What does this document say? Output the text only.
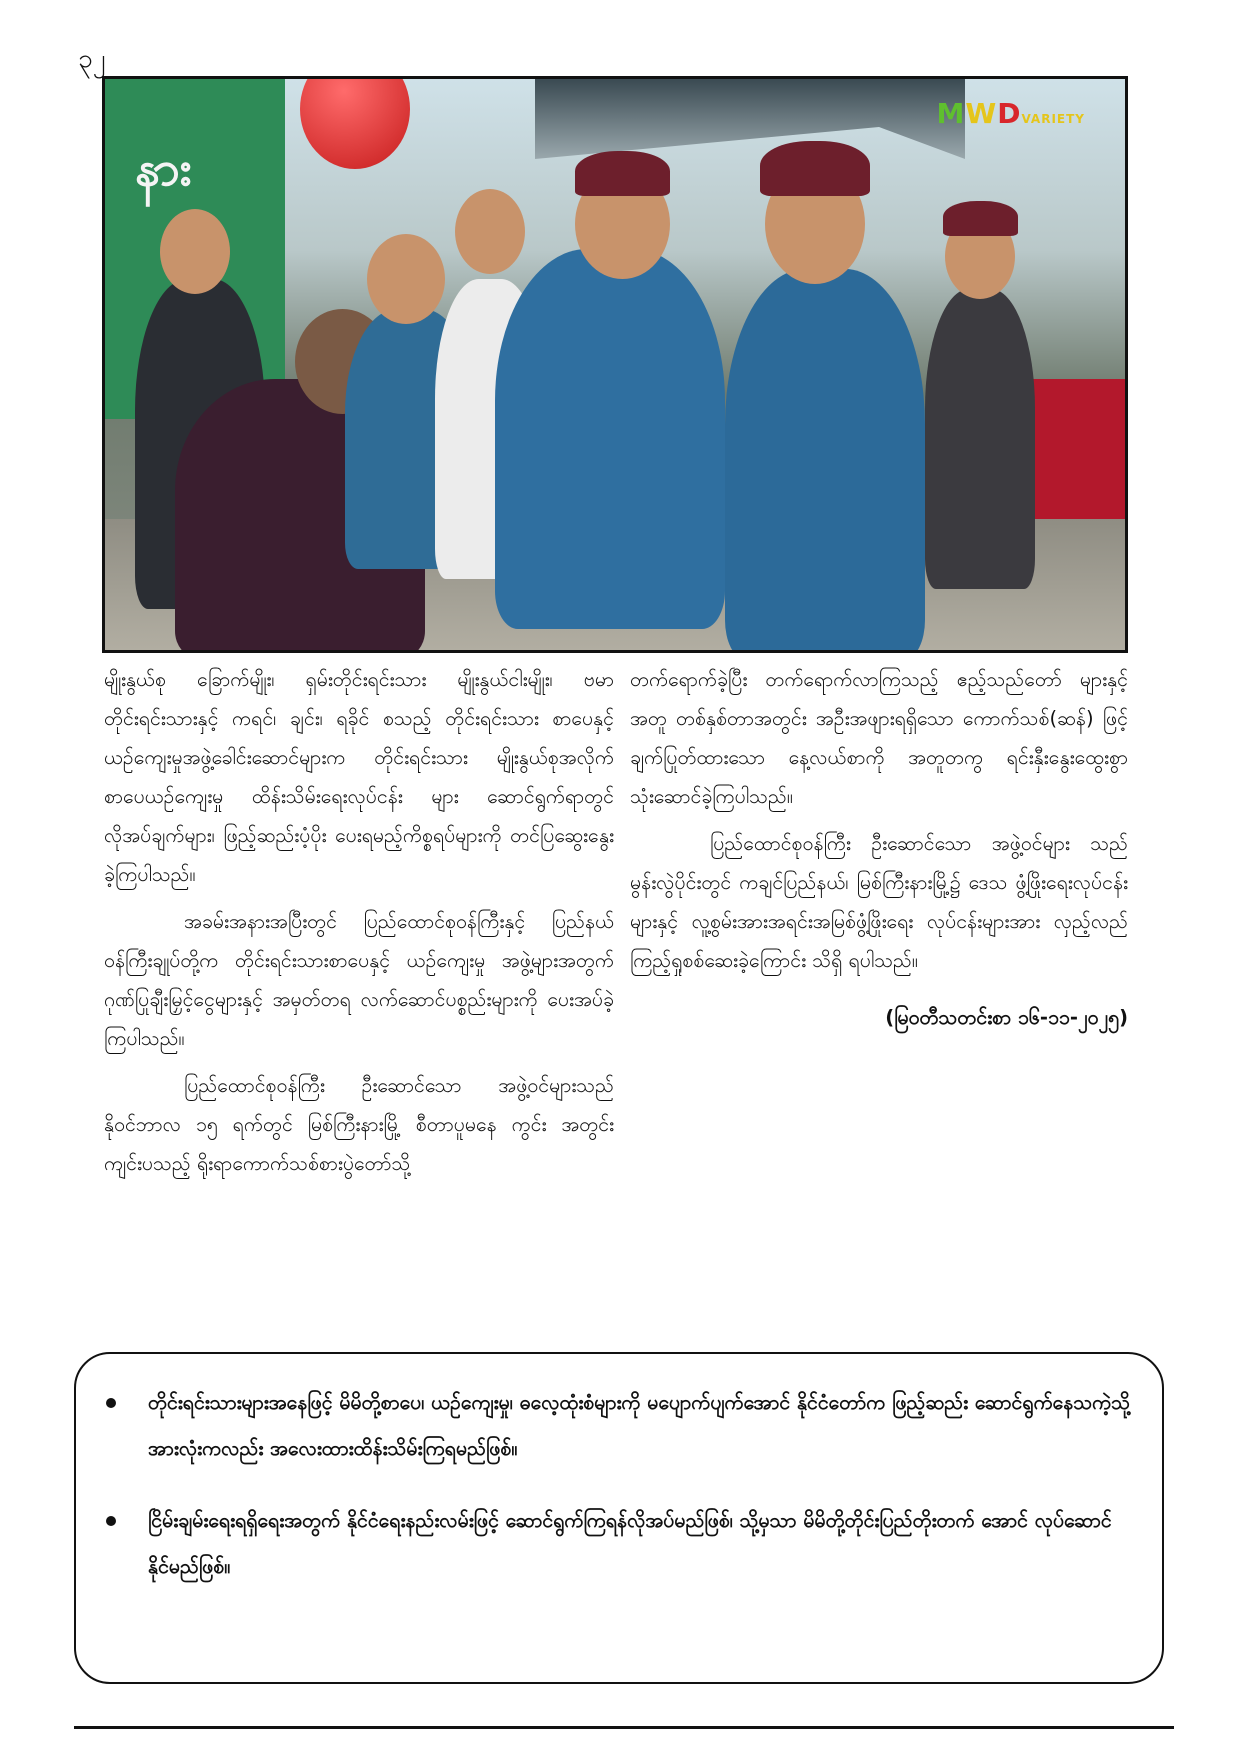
၃၂
နား
MWDVARIETY

မျိုးနွယ်စု ခြောက်မျိုး၊ ရှမ်းတိုင်းရင်းသား မျိုးနွယ်ငါးမျိုး၊ ဗမာ တိုင်းရင်းသားနှင့် ကရင်၊ ချင်း၊ ရခိုင် စသည့် တိုင်းရင်းသား စာပေနှင့် ယဉ်ကျေးမှုအဖွဲ့ခေါင်းဆောင်များက တိုင်းရင်းသား မျိုးနွယ်စုအလိုက် စာပေယဉ်ကျေးမှု ထိန်းသိမ်းရေးလုပ်ငန်း များ ဆောင်ရွက်ရာတွင် လိုအပ်ချက်များ၊ ဖြည့်ဆည်းပံ့ပိုး ပေးရမည့်ကိစ္စရပ်များကို တင်ပြဆွေးနွေးခဲ့ကြပါသည်။

အခမ်းအနားအပြီးတွင် ပြည်ထောင်စုဝန်ကြီးနှင့် ပြည်နယ်ဝန်ကြီးချုပ်တို့က တိုင်းရင်းသားစာပေနှင့် ယဉ်ကျေးမှု အဖွဲ့များအတွက် ဂုဏ်ပြုချီးမြှင့်ငွေများနှင့် အမှတ်တရ လက်ဆောင်ပစ္စည်းများကို ပေးအပ်ခဲ့ကြပါသည်။

ပြည်ထောင်စုဝန်ကြီး ဦးဆောင်သော အဖွဲ့ဝင်များသည် နိုဝင်ဘာလ ၁၅ ရက်တွင် မြစ်ကြီးနားမြို့ စီတာပူမနေ ကွင်း အတွင်း ကျင်းပသည့် ရိုးရာကောက်သစ်စားပွဲတော်သို့

တက်ရောက်ခဲ့ပြီး တက်ရောက်လာကြသည့် ဧည့်သည်တော် များနှင့်အတူ တစ်နှစ်တာအတွင်း အဦးအဖျားရရှိသော ကောက်သစ်(ဆန်) ဖြင့် ချက်ပြုတ်ထားသော နေ့လယ်စာကို အတူတကွ ရင်းနှီးနွေးထွေးစွာ သုံးဆောင်ခဲ့ကြပါသည်။

ပြည်ထောင်စုဝန်ကြီး ဦးဆောင်သော အဖွဲ့ဝင်များ သည် မွန်းလွဲပိုင်းတွင် ကချင်ပြည်နယ်၊ မြစ်ကြီးနားမြို့၌ ဒေသ ဖွံ့ဖြိုးရေးလုပ်ငန်းများနှင့် လူ့စွမ်းအားအရင်းအမြစ်ဖွံ့ဖြိုးရေး လုပ်ငန်းများအား လှည့်လည်ကြည့်ရှုစစ်ဆေးခဲ့ကြောင်း သိရှိ ရပါသည်။

(မြဝတီသတင်းစာ ၁၆-၁၁-၂၀၂၅)

တိုင်းရင်းသားများအနေဖြင့် မိမိတို့စာပေ၊ ယဉ်ကျေးမှု၊ ဓလေ့ထုံးစံများကို မပျောက်ပျက်အောင် နိုင်ငံတော်က ဖြည့်ဆည်း ဆောင်ရွက်နေသကဲ့သို့ အားလုံးကလည်း အလေးထားထိန်းသိမ်းကြရမည်ဖြစ်။
ငြိမ်းချမ်းရေးရရှိရေးအတွက် နိုင်ငံရေးနည်းလမ်းဖြင့် ဆောင်ရွက်ကြရန်လိုအပ်မည်ဖြစ်၊ သို့မှသာ မိမိတို့တိုင်းပြည်တိုးတက် အောင် လုပ်ဆောင်နိုင်မည်ဖြစ်။
